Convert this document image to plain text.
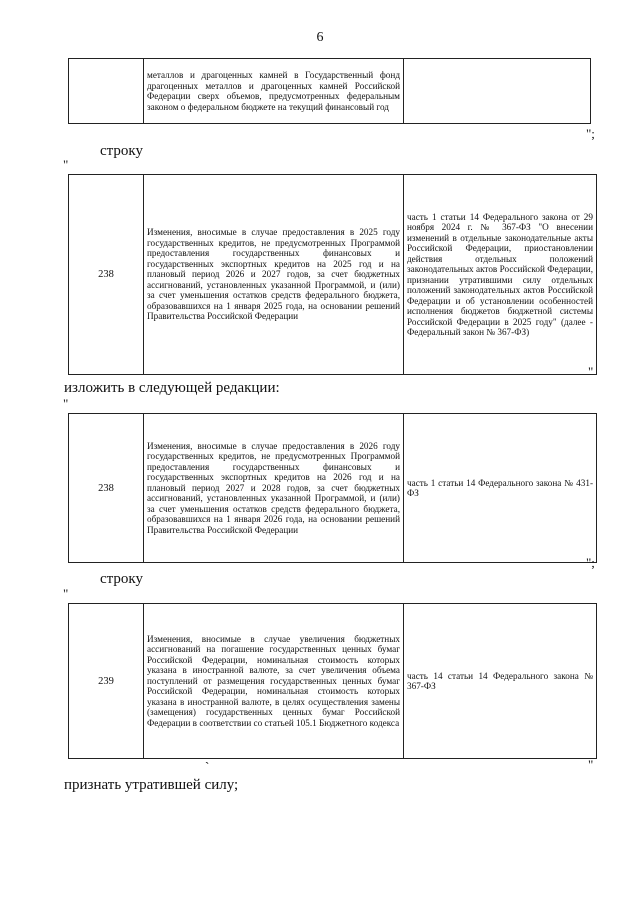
6
	металлов и драгоценных камней в Государственный фонд драгоценных металлов и драгоценных камней Российской Федерации сверх объемов, предусмотренных федеральным законом о федеральном бюджете на текущий финансовый год	
";
строку
"
238	Изменения, вносимые в случае предоставления в 2025 году государственных кредитов, не предусмотренных Программой предоставления государственных финансовых и государственных экспортных кредитов на 2025 год и на плановый период 2026 и 2027 годов, за счет бюджетных ассигнований, установленных указанной Программой, и (или) за счет уменьшения остатков средств федерального бюджета, образовавшихся на 1 января 2025 года, на основании решений Правительства Российской Федерации	часть 1 статьи 14 Федерального закона от 29 ноября 2024 г. № 367-ФЗ "О внесении изменений в отдельные законодательные акты Российской Федерации, приостановлении действия отдельных положений законодательных актов Российской Федерации, признании утратившими силу отдельных положений законодательных актов Российской Федерации и об установлении особенностей исполнения бюджетов бюджетной системы Российской Федерации в 2025 году" (далее - Федеральный закон № 367-ФЗ)
"
изложить в следующей редакции:
"
238	Изменения, вносимые в случае предоставления в 2026 году государственных кредитов, не предусмотренных Программой предоставления государственных финансовых и государственных экспортных кредитов на 2026 год и на плановый период 2027 и 2028 годов, за счет бюджетных ассигнований, установленных указанной Программой, и (или) за счет уменьшения остатков средств федерального бюджета, образовавшихся на 1 января 2026 года, на основании решений Правительства Российской Федерации	часть 1 статьи 14 Федерального закона № 431-ФЗ
";
строку
"
239	Изменения, вносимые в случае увеличения бюджетных ассигнований на погашение государственных ценных бумаг Российской Федерации, номинальная стоимость которых указана в иностранной валюте, за счет увеличения объема поступлений от размещения государственных ценных бумаг Российской Федерации, номинальная стоимость которых указана в иностранной валюте, в целях осуществления замены (замещения) государственных ценных бумаг Российской Федерации в соответствии со статьей 105.1 Бюджетного кодекса	часть 14 статьи 14 Федерального закона № 367-ФЗ
`	"
признать утратившей силу;
